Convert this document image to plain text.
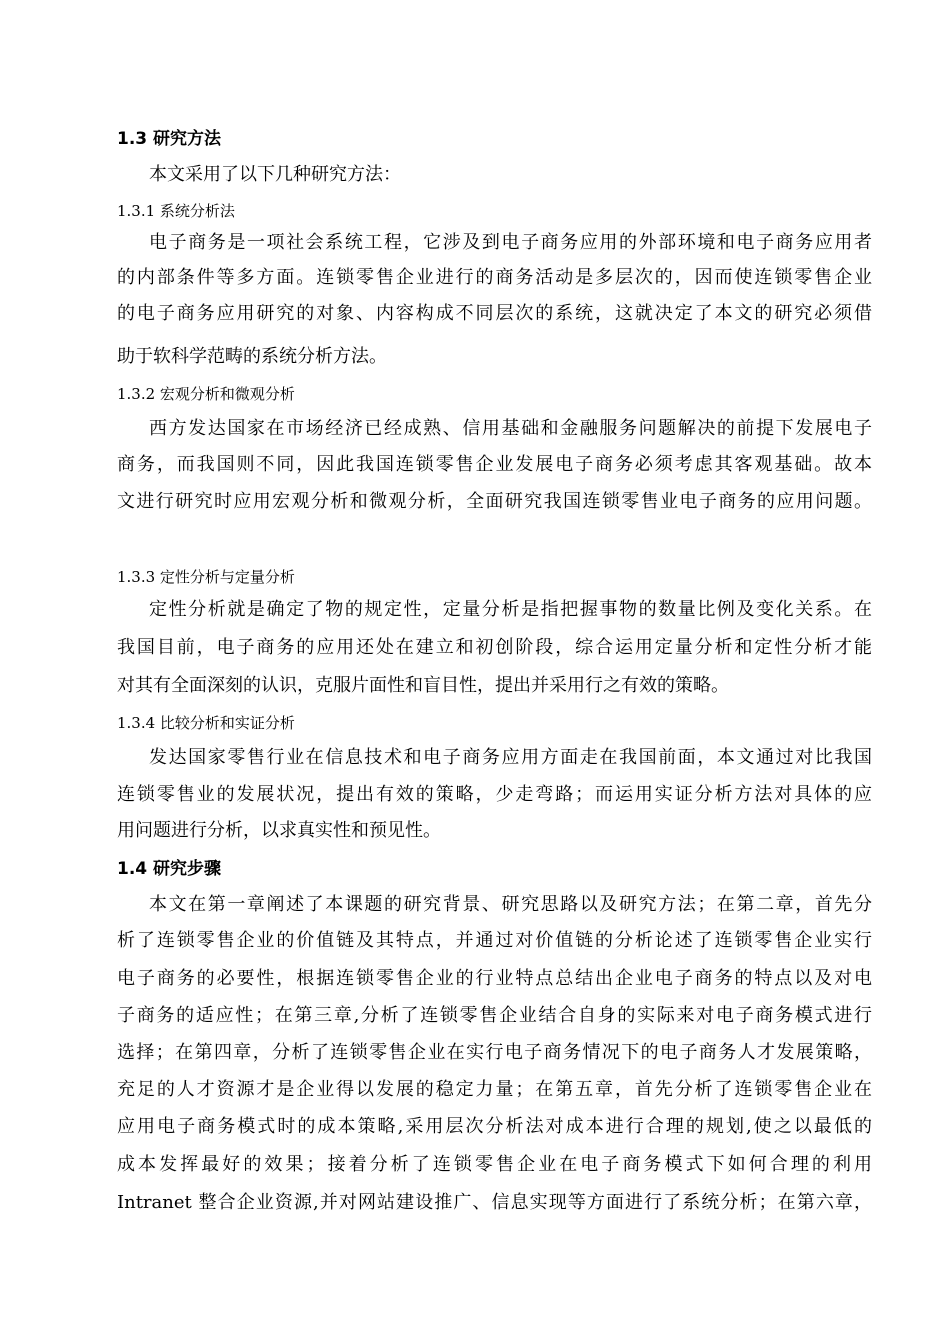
1.3 研究方法
本文采用了以下几种研究方法：
1.3.1 系统分析法
电子商务是一项社会系统工程，它涉及到电子商务应用的外部环境和电子商务应用者
的内部条件等多方面。连锁零售企业进行的商务活动是多层次的，因而使连锁零售企业
的电子商务应用研究的对象、内容构成不同层次的系统，这就决定了本文的研究必须借
助于软科学范畴的系统分析方法。
1.3.2 宏观分析和微观分析
西方发达国家在市场经济已经成熟、信用基础和金融服务问题解决的前提下发展电子
商务，而我国则不同，因此我国连锁零售企业发展电子商务必须考虑其客观基础。故本
文进行研究时应用宏观分析和微观分析，全面研究我国连锁零售业电子商务的应用问题。
1.3.3 定性分析与定量分析
定性分析就是确定了物的规定性，定量分析是指把握事物的数量比例及变化关系。在
我国目前，电子商务的应用还处在建立和初创阶段，综合运用定量分析和定性分析才能
对其有全面深刻的认识，克服片面性和盲目性，提出并采用行之有效的策略。
1.3.4 比较分析和实证分析
发达国家零售行业在信息技术和电子商务应用方面走在我国前面，本文通过对比我国
连锁零售业的发展状况，提出有效的策略，少走弯路；而运用实证分析方法对具体的应
用问题进行分析，以求真实性和预见性。
1.4 研究步骤
本文在第一章阐述了本课题的研究背景、研究思路以及研究方法；在第二章，首先分
析了连锁零售企业的价值链及其特点，并通过对价值链的分析论述了连锁零售企业实行
电子商务的必要性，根据连锁零售企业的行业特点总结出企业电子商务的特点以及对电
子商务的适应性；在第三章,分析了连锁零售企业结合自身的实际来对电子商务模式进行
选择；在第四章，分析了连锁零售企业在实行电子商务情况下的电子商务人才发展策略，
充足的人才资源才是企业得以发展的稳定力量；在第五章，首先分析了连锁零售企业在
应用电子商务模式时的成本策略,采用层次分析法对成本进行合理的规划,使之以最低的
成本发挥最好的效果；接着分析了连锁零售企业在电子商务模式下如何合理的利用
Intranet 整合企业资源,并对网站建设推广、信息实现等方面进行了系统分析；在第六章，
